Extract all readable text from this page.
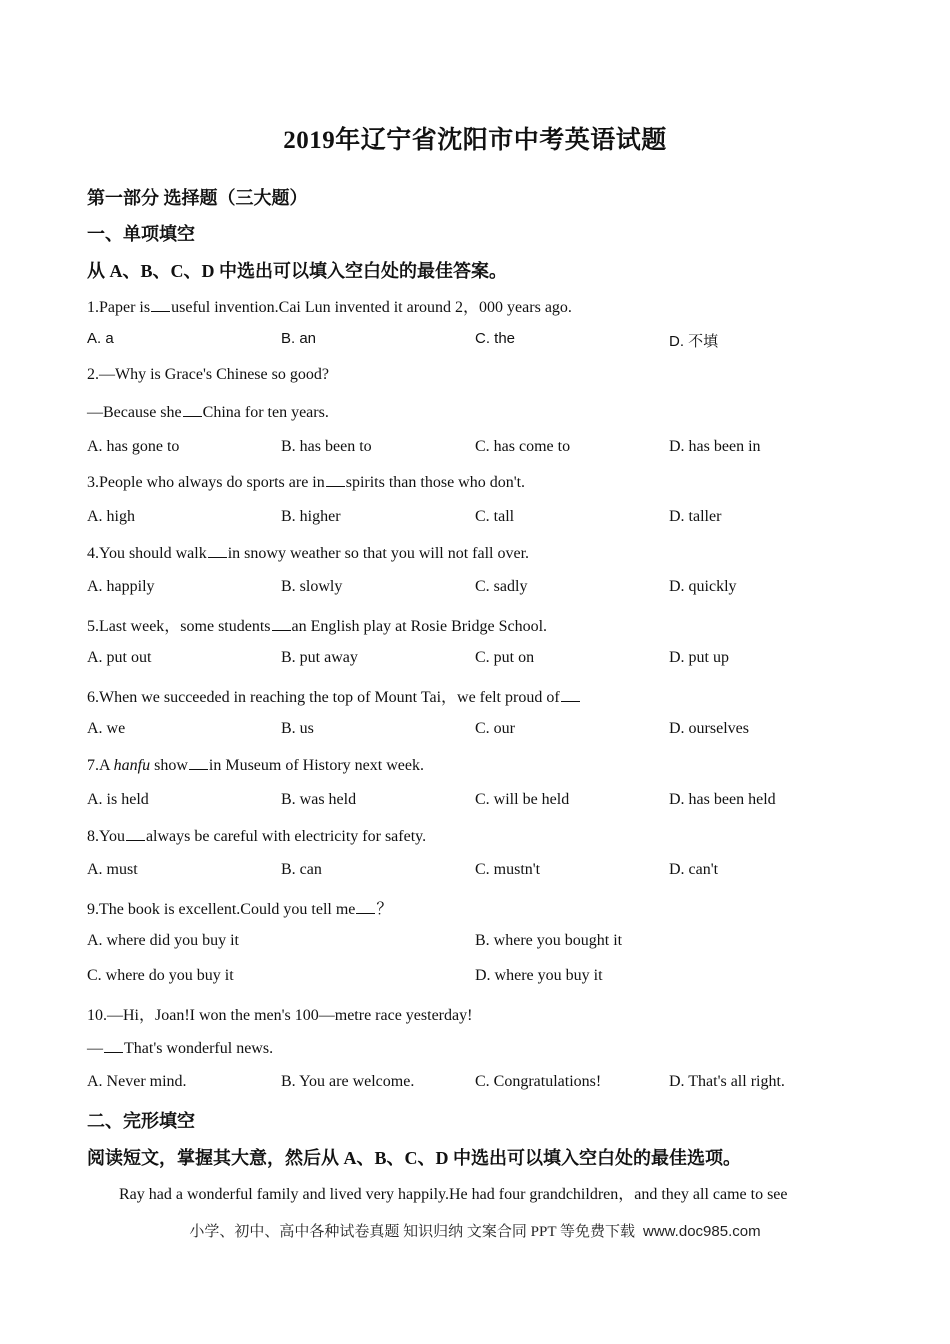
2019年辽宁省沈阳市中考英语试题
第一部分 选择题（三大题）
一、单项填空
从 A、B、C、D 中选出可以填入空白处的最佳答案。
1.Paper is useful invention.Cai Lun invented it around 2，000 years ago.
A. a	B. an	C. the	D. 不填
2.—Why is Grace's Chinese so good?
—Because she China for ten years.
A. has gone to	B. has been to	C. has come to	D. has been in
3.People who always do sports are in spirits than those who don't.
A. high	B. higher	C. tall	D. taller
4.You should walk in snowy weather so that you will not fall over.
A. happily	B. slowly	C. sadly	D. quickly
5.Last week，some students an English play at Rosie Bridge School.
A. put out	B. put away	C. put on	D. put up
6.When we succeeded in reaching the top of Mount Tai，we felt proud of
A. we	B. us	C. our	D. ourselves
7.A hanfu show in Museum of History next week.
A. is held	B. was held	C. will be held	D. has been held
8.You always be careful with electricity for safety.
A. must	B. can	C. mustn't	D. can't
9.The book is excellent.Could you tell me ？
A. where did you buy it	B. where you bought it
C. where do you buy it	D. where you buy it
10.—Hi，Joan!I won the men's 100—metre race yesterday!
— That's wonderful news.
A. Never mind.	B. You are welcome.	C. Congratulations!	D. That's all right.
二、完形填空
阅读短文，掌握其大意，然后从 A、B、C、D 中选出可以填入空白处的最佳选项。
Ray had a wonderful family and lived very happily.He had four grandchildren，and they all came to see
小学、初中、高中各种试卷真题 知识归纳 文案合同 PPT 等免费下载 www.doc985.com
